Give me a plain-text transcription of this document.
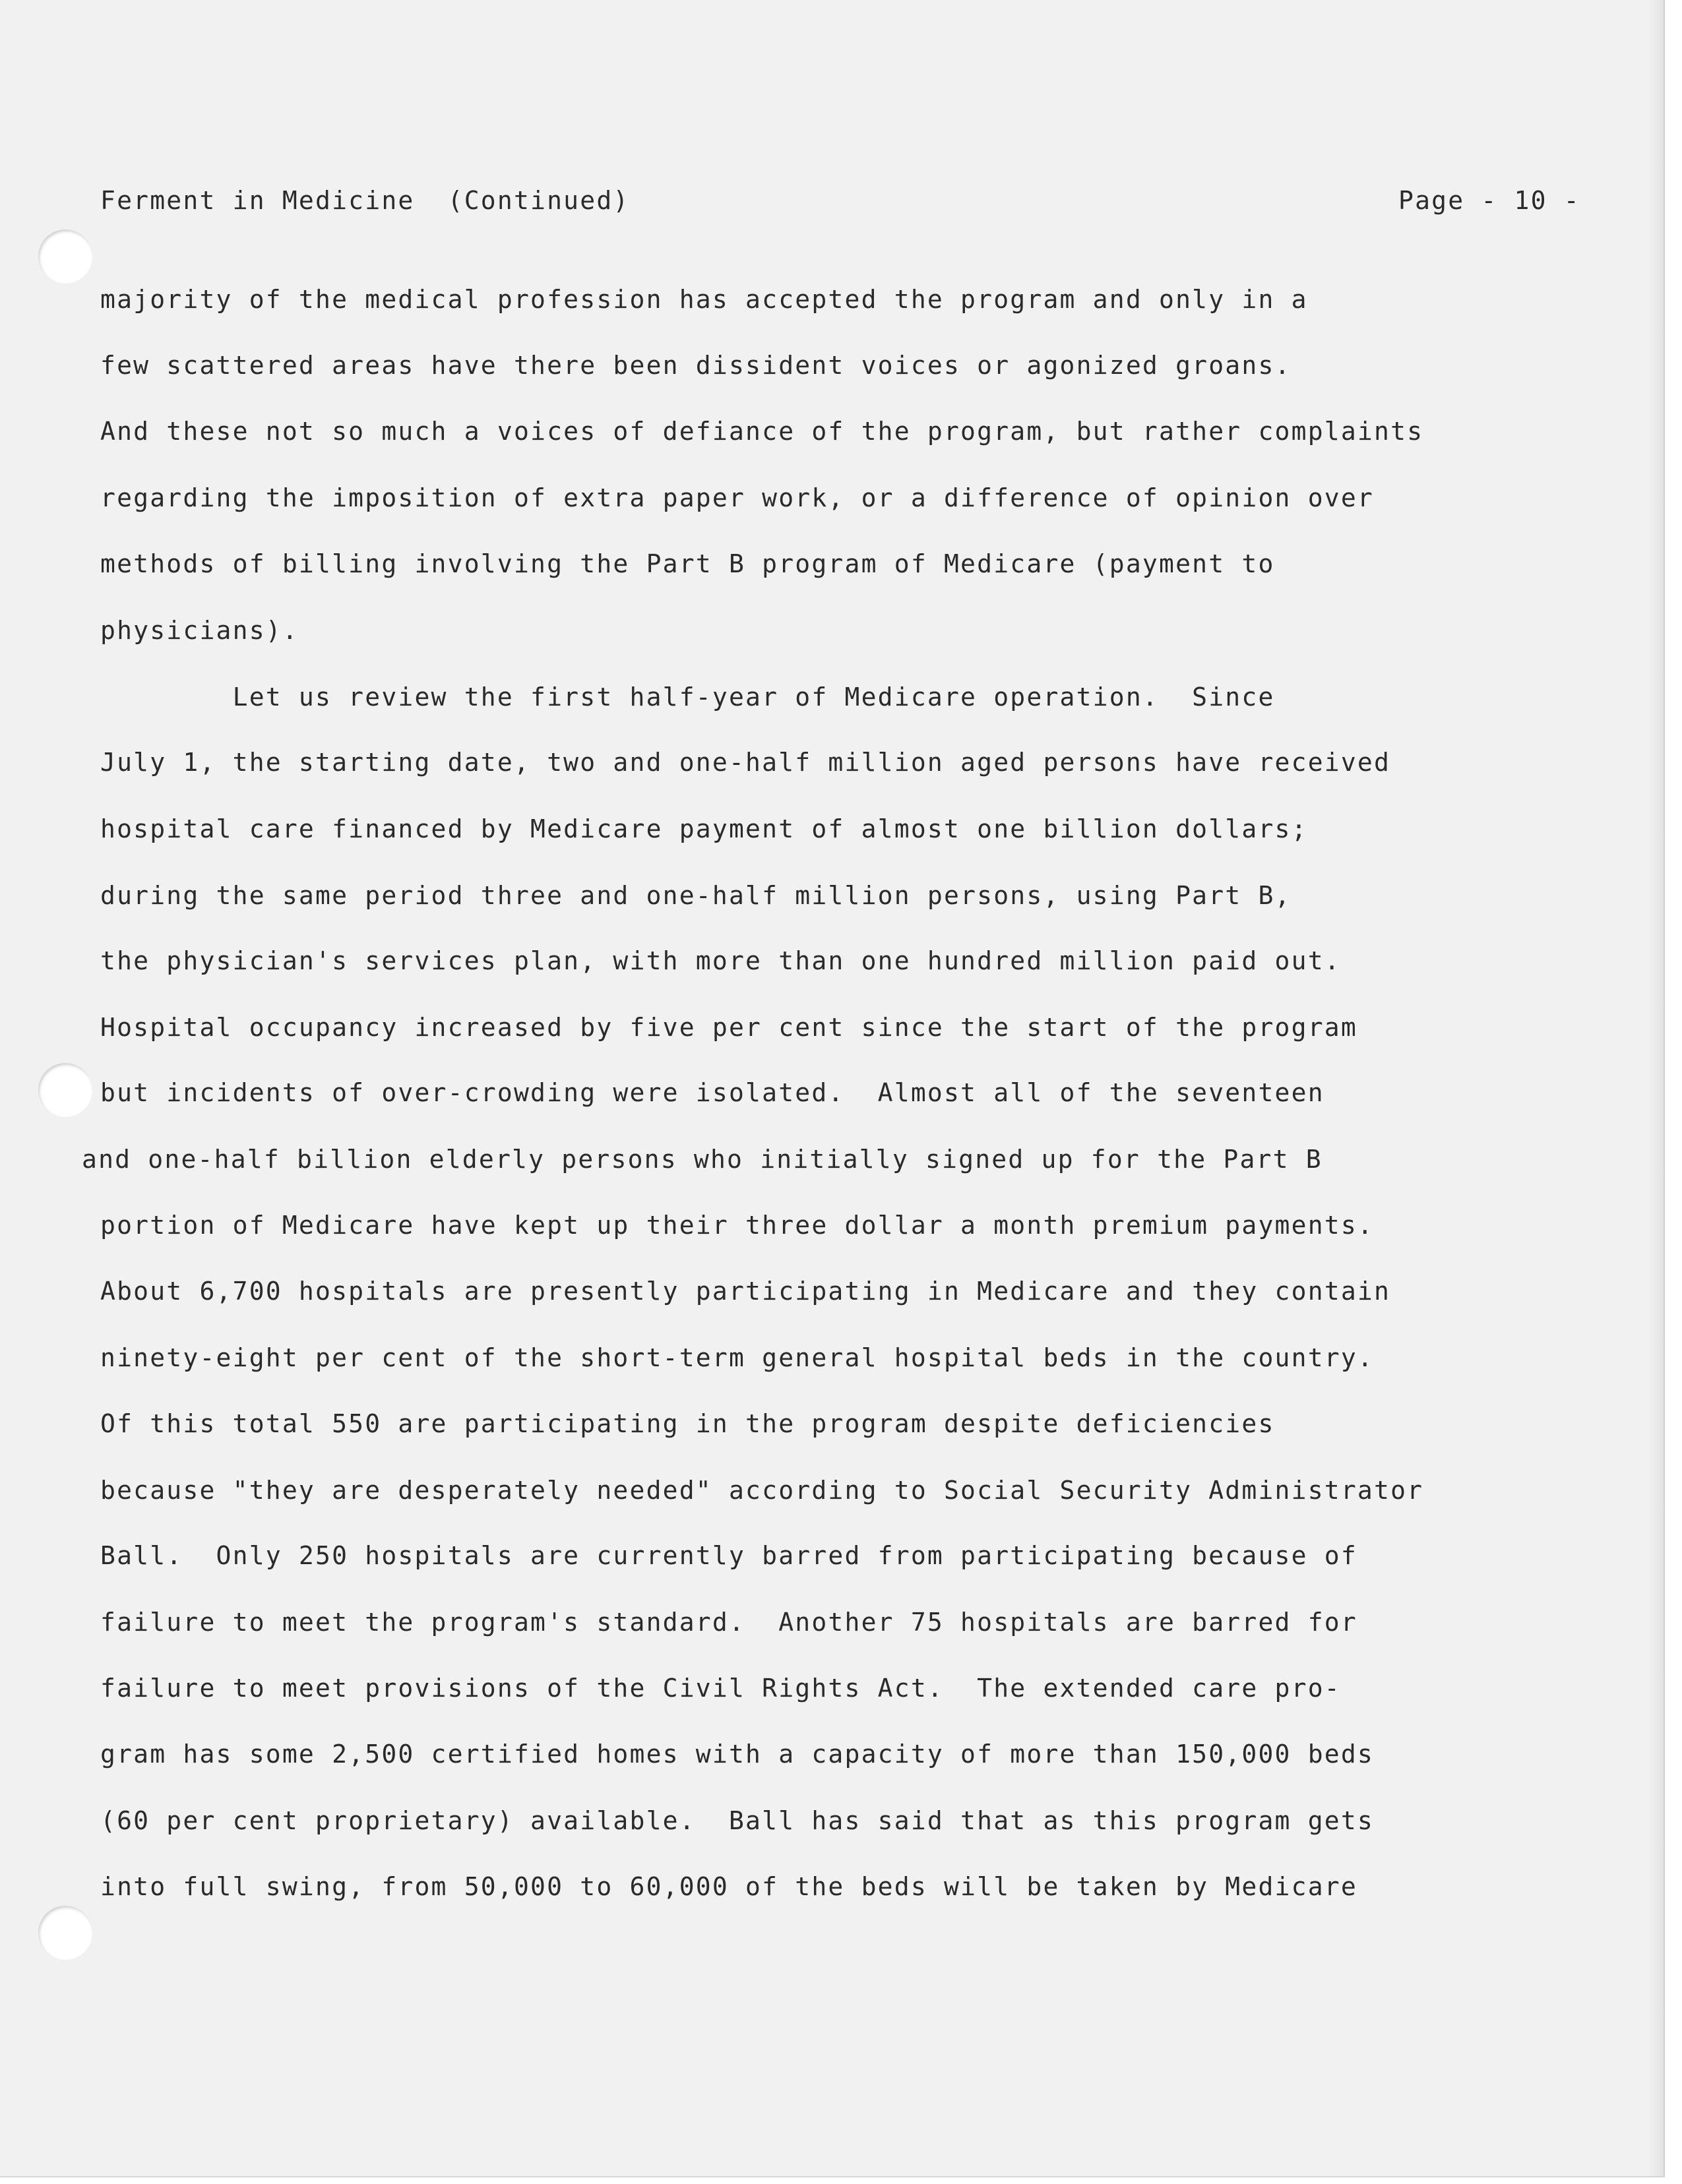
Ferment in Medicine  (Continued)	Page - 10 -
majority of the medical profession has accepted the program and only in a
few scattered areas have there been dissident voices or agonized groans.
And these not so much a voices of defiance of the program, but rather complaints
regarding the imposition of extra paper work, or a difference of opinion over
methods of billing involving the Part B program of Medicare (payment to
physicians).
Let us review the first half-year of Medicare operation.  Since
July 1, the starting date, two and one-half million aged persons have received
hospital care financed by Medicare payment of almost one billion dollars;
during the same period three and one-half million persons, using Part B,
the physician's services plan, with more than one hundred million paid out.
Hospital occupancy increased by five per cent since the start of the program
but incidents of over-crowding were isolated.  Almost all of the seventeen
and one-half billion elderly persons who initially signed up for the Part B
portion of Medicare have kept up their three dollar a month premium payments.
About 6,700 hospitals are presently participating in Medicare and they contain
ninety-eight per cent of the short-term general hospital beds in the country.
Of this total 550 are participating in the program despite deficiencies
because "they are desperately needed" according to Social Security Administrator
Ball.  Only 250 hospitals are currently barred from participating because of
failure to meet the program's standard.  Another 75 hospitals are barred for
failure to meet provisions of the Civil Rights Act.  The extended care pro-
gram has some 2,500 certified homes with a capacity of more than 150,000 beds
(60 per cent proprietary) available.  Ball has said that as this program gets
into full swing, from 50,000 to 60,000 of the beds will be taken by Medicare
